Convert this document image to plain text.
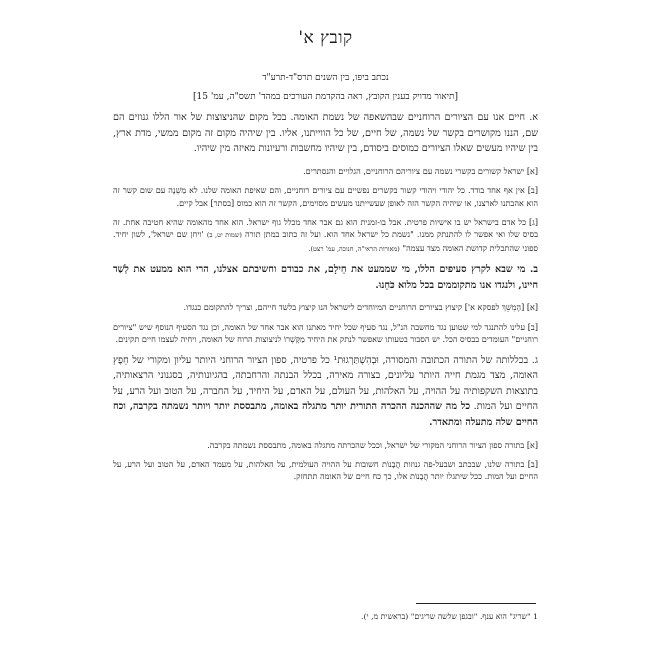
קובץ א'
נכתב ביפו, בין השנים תרס"ד-תרע"ד
[תיאור מדויק בענין הקובץ, ראה בהקדמת העורכים במהד' תשס"ה, עמ' 15]

א. חיים אנו עם הציורים הרוחניים שבהשאפה של נשמת האומה. בכל מקום שהניצוצות של אור הללו גנוזים הם שם, הננו מקושרים בקשר של נשמה, של חיים, של כל הווייתנו, אליו. בין שיהיה מקום זה מקום ממשי, מדת ארץ, בין שיהיו מעשים שאלו הציורים כמוסים ביסודם, בין שיהיו מחשבות ורעיונות מאיזה מין שיהיו.

[א] ישראל קשורים בקשרי נשמה עם ציוריהם הרוחניים, הגלויים והנסתרים.

[ב] אין אף אחד בודד. כל יהודי ויהודי קשור בקשרים נפשיים עם ציורים רוחניים, והם שאיפת האומה שלנו. לא מַשְׁנֶה עם שום קשר זה הוא אהבתנו לארצנו, או שיהיה הקשר הזה לאופן שעשייתנו מעשים מסוימים, הקשר זה הוא כמוס [בסתר] אבל קיים.

[ג] כל אדם בישראל יש בו אישיות פרטית. אבל בו-זמנית הוא גם אבר אחד מכלל גוף ישראל. הוא אחד מהאומה שהיא חטיבה אחת. זה בסיס שלו ואי אפשר לו להתנתק ממנו. "נשמת כל ישראל אחד הוא. ועל זה כתוב במתן תורה (שמות יט, ב) 'ויחן שם ישראל', לשון יחיד. ספוני שהתכלית קדושת האומה מצד עצמה" (מאורות הראי"ה, חנוכה, עמ' רצט).

ב. מי שבא לקרץ סעיפים הללו, מי שממעט את חֵילָם, את כבודם וחשיבתם אצלנו, הרי הוא ממעט את לְשַׁד חיינו, ולנגדו אנו מתקוממים בכל מלוא כֹּחֵנוּ.

[א] [הֶמְשֵׁךְ לפסקא א'] קיצוץ בציורים הרוחניים המיוחדים לישראל הנו קיצוץ בלשד חייהם, וצריך להתקומם כנגדו.

[ב] עלינו להתנגד למי שטוען נגד מחשבה הנ"ל, נגד סעיף שכל יחיד מאתנו הוא אבר אחד של האומה, וכן נגד הסעיף הנוסף שיש "ציורים רוחניים" העומדים בבסיס הכל. יש הסבור בטעותו שאפשר לנתק את היחיד מַקָּשְׁרוֹ לניצוצות הרוח של האומה, ויחיה לעצמו חיים תקינים.

ג. בכללותה של התורה הכתובה והמסורה, וּבְהִשְׁתַּרְגוּת¹ כל פרטיה, ספון הציור הרוחני היותר עליון ומקורי של חֵפֶץ האומה, מצד מגמת חייה היותר עליונים, בצורה מאירה, בכלל הבנתה והרחבתה, בהגיונותיה, בסגנוני הרצאותיה, בתוצאות השקפותיה על ההויה, על האלהות, על העולם, על האדם, על היחיד, על החברה, על הטוב ועל הרע, על החיים ועל המות. כל מה שההכנה ההכרה התורית יותר מתגלה באומה, מתבססת יותר ויותר נשמתה בקרבה, וכח החיים שלה מתעלה ומתאדר.

[א] בתורה ספון הציור הרוחני המקורי של ישראל, וככל שהכרתה מתגלה באומה, מתבססת נשמתה בקרבה.

[ב] בתורה שלנו, שבכתב ושבעל-פה גנוזות הֲבָנוֹת חשובות על ההויה העולמית, על האלהות, על מעמד האדם, על הטוב ועל הרע, על החיים ועל המות. ככל שיתגלו יותר הֲבָנוֹת אלו, כך כח חיים של האומה תתחזק.

1 "שריג" הוא ענף. "ובגפן שלשה שריגים" (בראשית מ, י).
